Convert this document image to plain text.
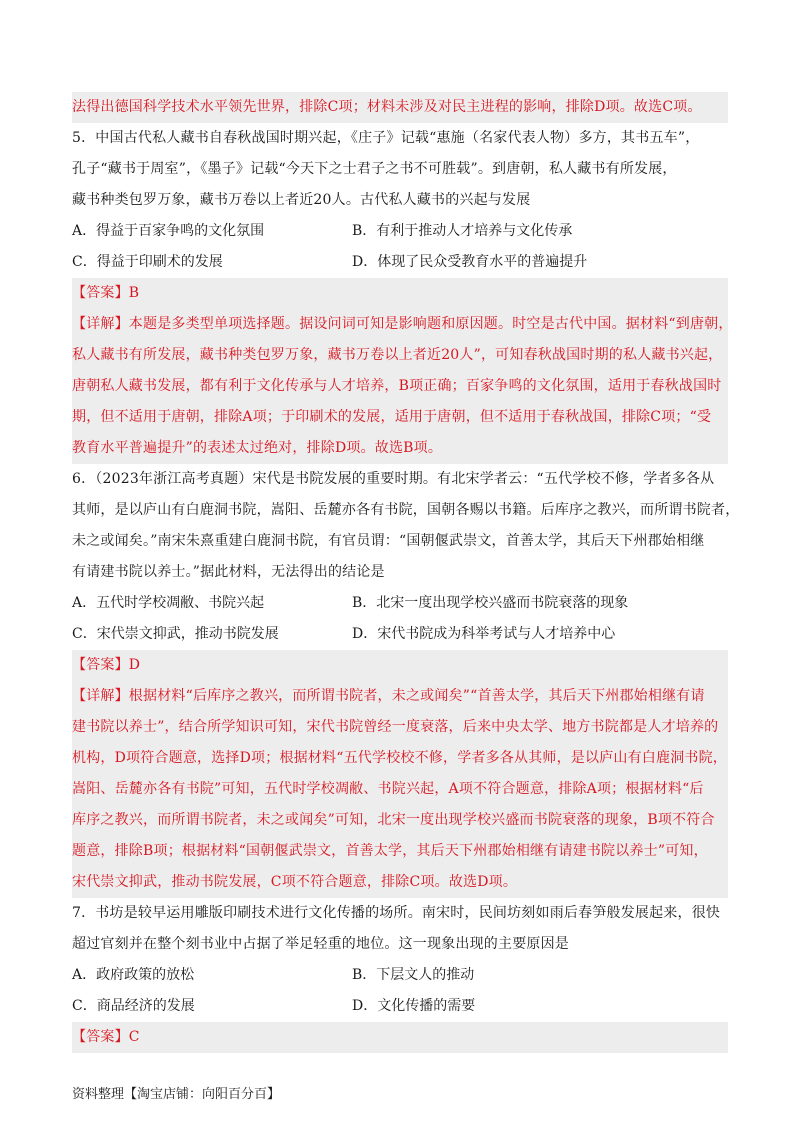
法得出德国科学技术水平领先世界，排除C项；材料未涉及对民主进程的影响，排除D项。故选C项。
5．中国古代私人藏书自春秋战国时期兴起，《庄子》记载“惠施（名家代表人物）多方，其书五车”，
孔子“藏书于周室”，《墨子》记载“今天下之士君子之书不可胜载”。到唐朝，私人藏书有所发展，
藏书种类包罗万象，藏书万卷以上者近20人。古代私人藏书的兴起与发展
A．得益于百家争鸣的文化氛围	B．有利于推动人才培养与文化传承
C．得益于印刷术的发展	D．体现了民众受教育水平的普遍提升
【答案】B
【详解】本题是多类型单项选择题。据设问词可知是影响题和原因题。时空是古代中国。据材料“到唐朝，
私人藏书有所发展，藏书种类包罗万象，藏书万卷以上者近20人”，可知春秋战国时期的私人藏书兴起，
唐朝私人藏书发展，都有利于文化传承与人才培养，B项正确；百家争鸣的文化氛围，适用于春秋战国时
期，但不适用于唐朝，排除A项；于印刷术的发展，适用于唐朝，但不适用于春秋战国，排除C项；“受
教育水平普遍提升”的表述太过绝对，排除D项。故选B项。
6．（2023年浙江高考真题）宋代是书院发展的重要时期。有北宋学者云：“五代学校不修，学者多各从
其师，是以庐山有白鹿洞书院，嵩阳、岳麓亦各有书院，国朝各赐以书籍。后库序之教兴，而所谓书院者，
未之或闻矣。”南宋朱熹重建白鹿洞书院，有官员谓：“国朝偃武崇文，首善太学，其后天下州郡始相继
有请建书院以养士。”据此材料，无法得出的结论是
A．五代时学校凋敝、书院兴起	B．北宋一度出现学校兴盛而书院衰落的现象
C．宋代崇文抑武，推动书院发展	D．宋代书院成为科举考试与人才培养中心
【答案】D
【详解】根据材料“后库序之教兴，而所谓书院者，未之或闻矣”“首善太学，其后天下州郡始相继有请
建书院以养士”，结合所学知识可知，宋代书院曾经一度衰落，后来中央太学、地方书院都是人才培养的
机构，D项符合题意，选择D项；根据材料“五代学校校不修，学者多各从其师，是以庐山有白鹿洞书院，
嵩阳、岳麓亦各有书院”可知，五代时学校凋敝、书院兴起，A项不符合题意，排除A项；根据材料“后
库序之教兴，而所谓书院者，未之或闻矣”可知，北宋一度出现学校兴盛而书院衰落的现象，B项不符合
题意，排除B项；根据材料“国朝偃武崇文，首善太学，其后天下州郡始相继有请建书院以养士”可知，
宋代崇文抑武，推动书院发展，C项不符合题意，排除C项。故选D项。
7．书坊是较早运用雕版印刷技术进行文化传播的场所。南宋时，民间坊刻如雨后春笋般发展起来，很快
超过官刻并在整个刻书业中占据了举足轻重的地位。这一现象出现的主要原因是
A．政府政策的放松	B．下层文人的推动
C．商品经济的发展	D．文化传播的需要
【答案】C
资料整理【淘宝店铺：向阳百分百】
